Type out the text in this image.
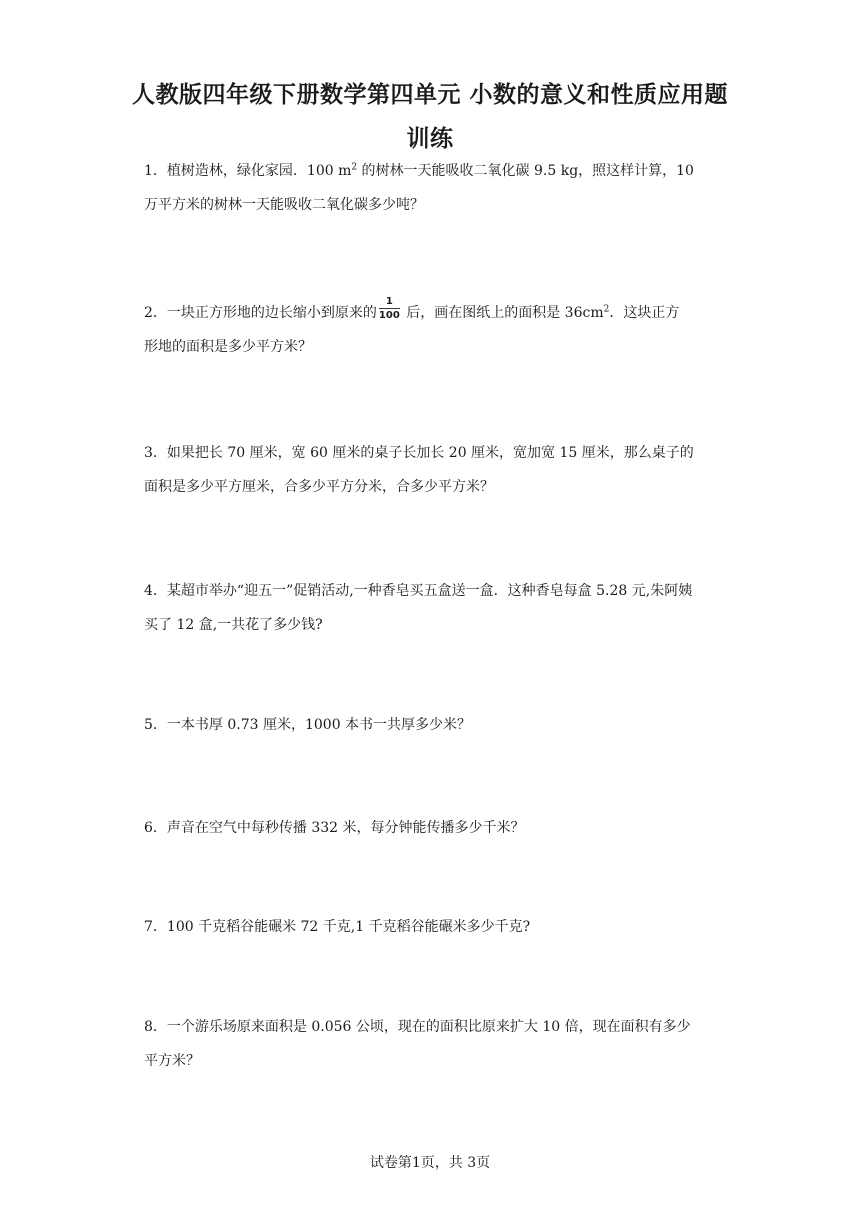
人教版四年级下册数学第四单元 小数的意义和性质应用题
训练

1．植树造林，绿化家园．100 $m^2$ 的树林一天能吸收二氧化碳 9.5 kg，照这样计算，10

万平方米的树林一天能吸收二氧化碳多少吨？

2．一块正方形地的边长缩小到原来的 $\frac{1}{100}$ 后，画在图纸上的面积是 $36cm^2$．这块正方

形地的面积是多少平方米？

3．如果把长 70 厘米，宽 60 厘米的桌子长加长 20 厘米，宽加宽 15 厘米，那么桌子的

面积是多少平方厘米，合多少平方分米，合多少平方米？

4．某超市举办“迎五一”促销活动,一种香皂买五盒送一盒．这种香皂每盒 5.28 元,朱阿姨

买了 12 盒,一共花了多少钱?

5．一本书厚 0.73 厘米，1000 本书一共厚多少米？

6．声音在空气中每秒传播 332 米，每分钟能传播多少千米？

7．100 千克稻谷能碾米 72 千克,1 千克稻谷能碾米多少千克?

8．一个游乐场原来面积是 0.056 公顷，现在的面积比原来扩大 10 倍，现在面积有多少

平方米？

试卷第1页，共 3页
